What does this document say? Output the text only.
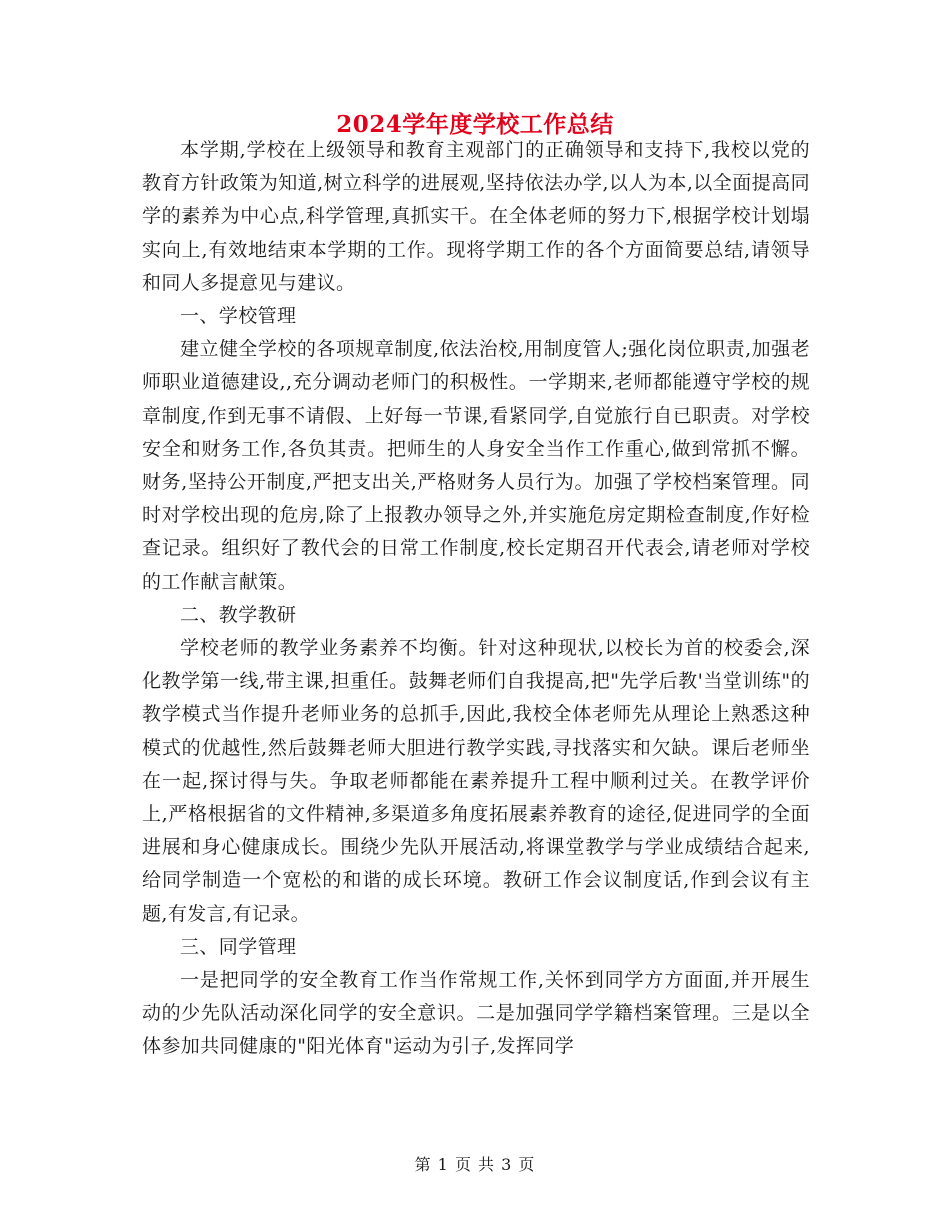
2024学年度学校工作总结

本学期,学校在上级领导和教育主观部门的正确领导和支持下,我校以党的教育方针政策为知道,树立科学的进展观,坚持依法办学,以人为本,以全面提高同学的素养为中心点,科学管理,真抓实干。在全体老师的努力下,根据学校计划塌实向上,有效地结束本学期的工作。现将学期工作的各个方面简要总结,请领导和同人多提意见与建议。

一、学校管理

建立健全学校的各项规章制度,依法治校,用制度管人;强化岗位职责,加强老师职业道德建设,,充分调动老师门的积极性。一学期来,老师都能遵守学校的规章制度,作到无事不请假、上好每一节课,看紧同学,自觉旅行自已职责。对学校安全和财务工作,各负其责。把师生的人身安全当作工作重心,做到常抓不懈。财务,坚持公开制度,严把支出关,严格财务人员行为。加强了学校档案管理。同时对学校出现的危房,除了上报教办领导之外,并实施危房定期检查制度,作好检查记录。组织好了教代会的日常工作制度,校长定期召开代表会,请老师对学校的工作献言献策。

二、教学教研

学校老师的教学业务素养不均衡。针对这种现状,以校长为首的校委会,深化教学第一线,带主课,担重任。鼓舞老师们自我提高,把"先学后教'当堂训练"的教学模式当作提升老师业务的总抓手,因此,我校全体老师先从理论上熟悉这种模式的优越性,然后鼓舞老师大胆进行教学实践,寻找落实和欠缺。课后老师坐在一起,探讨得与失。争取老师都能在素养提升工程中顺利过关。在教学评价上,严格根据省的文件精神,多渠道多角度拓展素养教育的途径,促进同学的全面进展和身心健康成长。围绕少先队开展活动,将课堂教学与学业成绩结合起来,给同学制造一个宽松的和谐的成长环境。教研工作会议制度话,作到会议有主题,有发言,有记录。

三、同学管理

一是把同学的安全教育工作当作常规工作,关怀到同学方方面面,并开展生动的少先队活动深化同学的安全意识。二是加强同学学籍档案管理。三是以全体参加共同健康的"阳光体育"运动为引子,发挥同学

第 1 页 共 3 页
